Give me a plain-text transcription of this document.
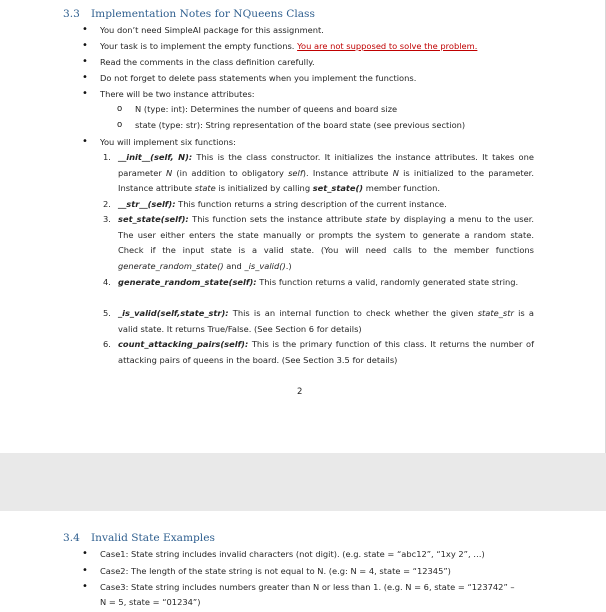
3.3 Implementation Notes for NQueens Class
• You don’t need SimpleAI package for this assignment.
• Your task is to implement the empty functions. You are not supposed to solve the problem.
• Read the comments in the class definition carefully.
• Do not forget to delete pass statements when you implement the functions.
• There will be two instance attributes:
o N (type: int): Determines the number of queens and board size
o state (type: str): String representation of the board state (see previous section)
• You will implement six functions:
1. __init__(self, N): This is the class constructor. It initializes the instance attributes. It takes one parameter N (in addition to obligatory self). Instance attribute N is initialized to the parameter. Instance attribute state is initialized by calling set_state() member function.
2. __str__(self): This function returns a string description of the current instance.
3. set_state(self): This function sets the instance attribute state by displaying a menu to the user. The user either enters the state manually or prompts the system to generate a random state. Check if the input state is a valid state. (You will need calls to the member functions generate_random_state() and _is_valid().)
4. generate_random_state(self): This function returns a valid, randomly generated state string.
5. _is_valid(self,state_str): This is an internal function to check whether the given state_str is a valid state. It returns True/False. (See Section 6 for details)
6. count_attacking_pairs(self): This is the primary function of this class. It returns the number of attacking pairs of queens in the board. (See Section 3.5 for details)
2
3.4 Invalid State Examples
• Case1: State string includes invalid characters (not digit). (e.g. state = “abc12”, “1xy 2”, …)
• Case2: The length of the state string is not equal to N. (e.g: N = 4, state = “12345”)
• Case3: State string includes numbers greater than N or less than 1. (e.g. N = 6, state = “123742” –
N = 5, state = “01234”)
